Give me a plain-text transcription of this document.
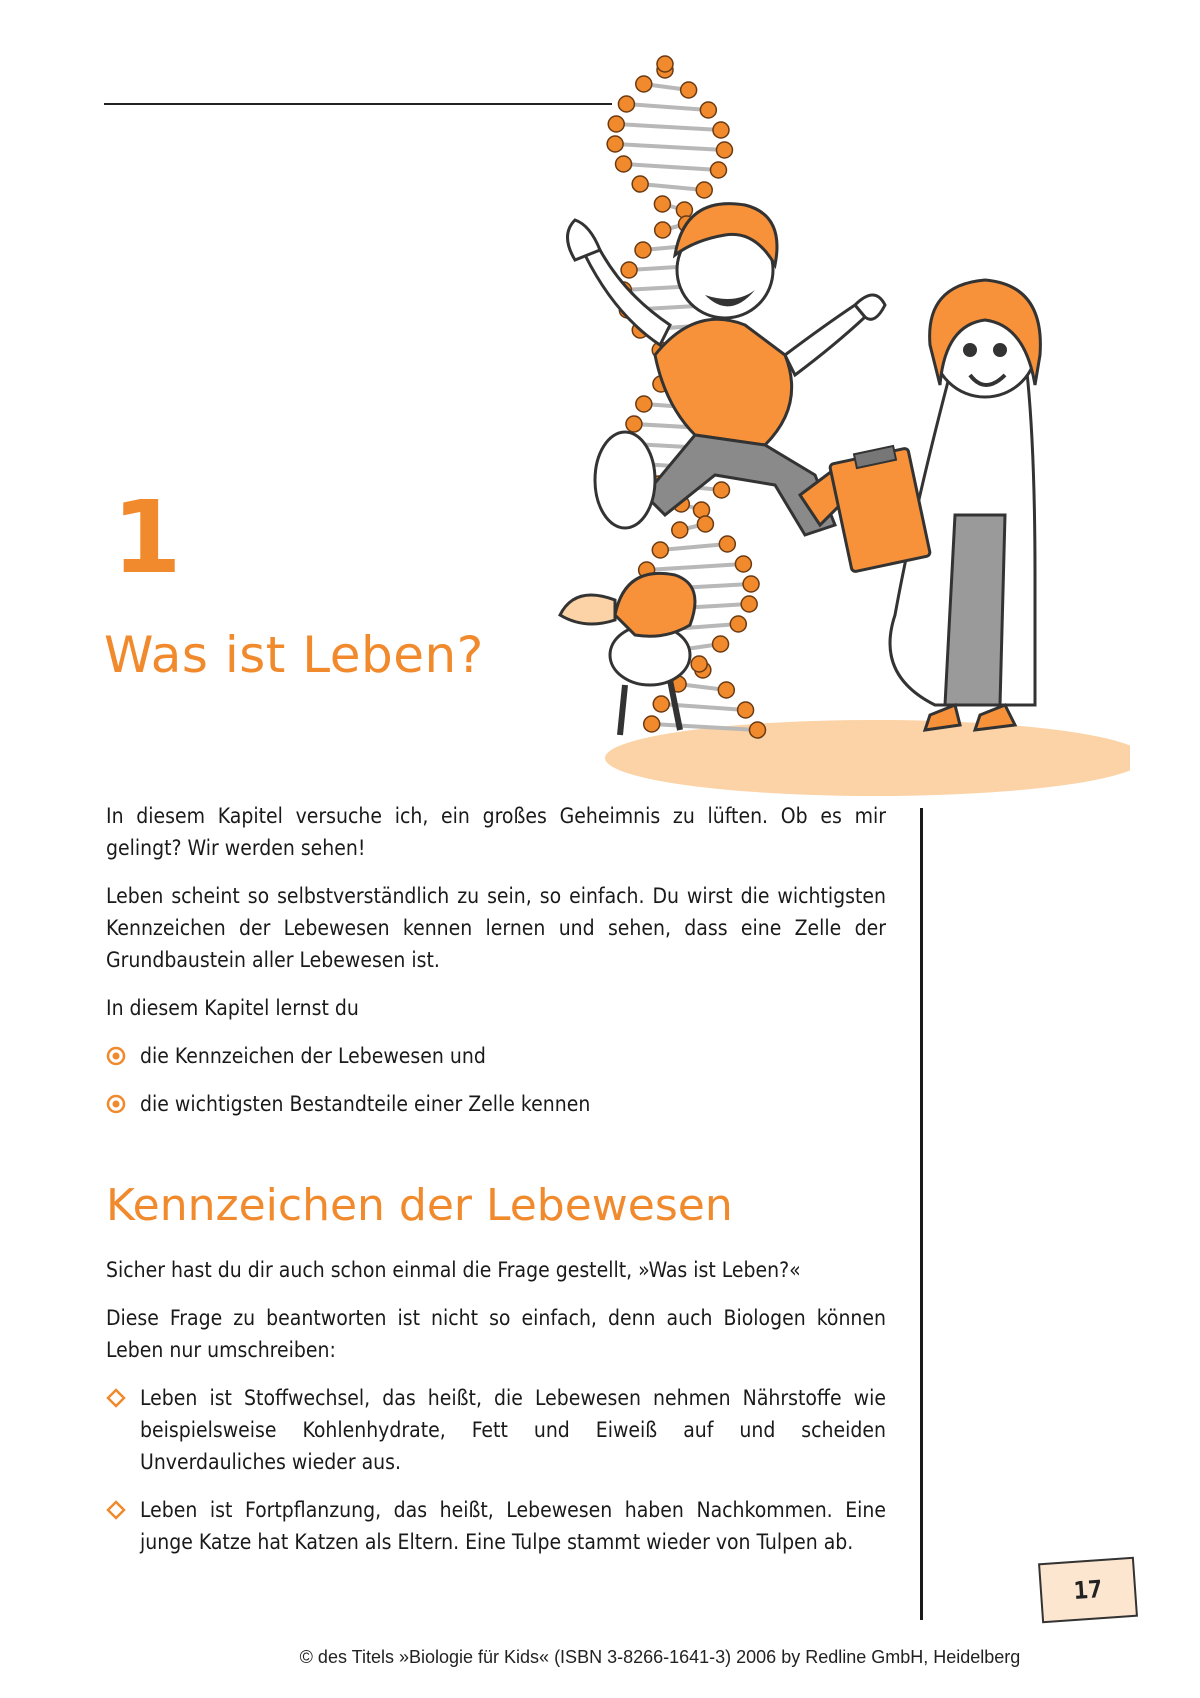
1
Was ist Leben?

In diesem Kapitel versuche ich, ein großes Geheimnis zu lüften. Ob es mir gelingt? Wir werden sehen!

Leben scheint so selbstverständlich zu sein, so einfach. Du wirst die wichtigsten Kennzeichen der Lebewesen kennen lernen und sehen, dass eine Zelle der Grundbaustein aller Lebewesen ist.

In diesem Kapitel lernst du

die Kennzeichen der Lebewesen und
die wichtigsten Bestandteile einer Zelle kennen
Kennzeichen der Lebewesen

Sicher hast du dir auch schon einmal die Frage gestellt, »Was ist Leben?«

Diese Frage zu beantworten ist nicht so einfach, denn auch Biologen können Leben nur umschreiben:

Leben ist Stoffwechsel, das heißt, die Lebewesen nehmen Nährstoffe wie beispielsweise Kohlenhydrate, Fett und Eiweiß auf und scheiden Unverdauliches wieder aus.
Leben ist Fortpflanzung, das heißt, Lebewesen haben Nachkommen. Eine junge Katze hat Katzen als Eltern. Eine Tulpe stammt wieder von Tulpen ab.
17
© des Titels »Biologie für Kids« (ISBN 3-8266-1641-3) 2006 by Redline GmbH, Heidelberg
